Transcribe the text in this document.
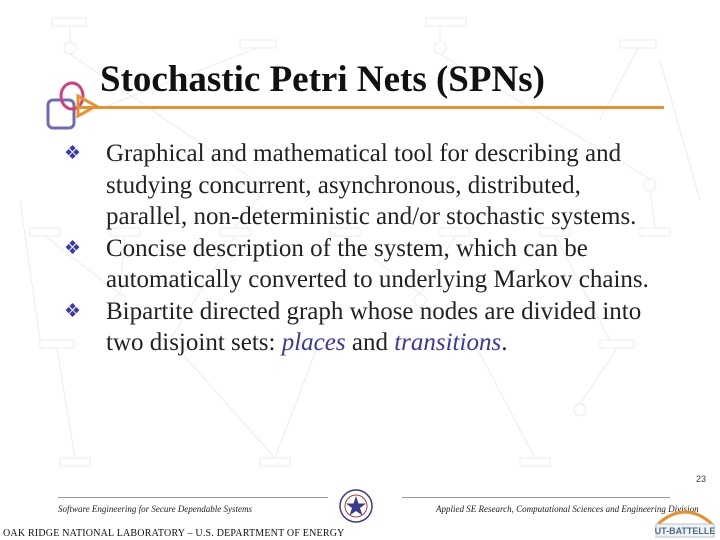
Stochastic Petri Nets (SPNs)
❖ Graphical and mathematical tool for describing and studying concurrent, asynchronous, distributed, parallel, non-deterministic and/or stochastic systems.
❖ Concise description of the system, which can be automatically converted to underlying Markov chains.
❖ Bipartite directed graph whose nodes are divided into two disjoint sets: places and transitions.
Software Engineering for Secure Dependable Systems	Applied SE Research, Computational Sciences and Engineering Division
23
OAK RIDGE NATIONAL LABORATORY – U.S. DEPARTMENT OF ENERGY	UT-BATTELLE
